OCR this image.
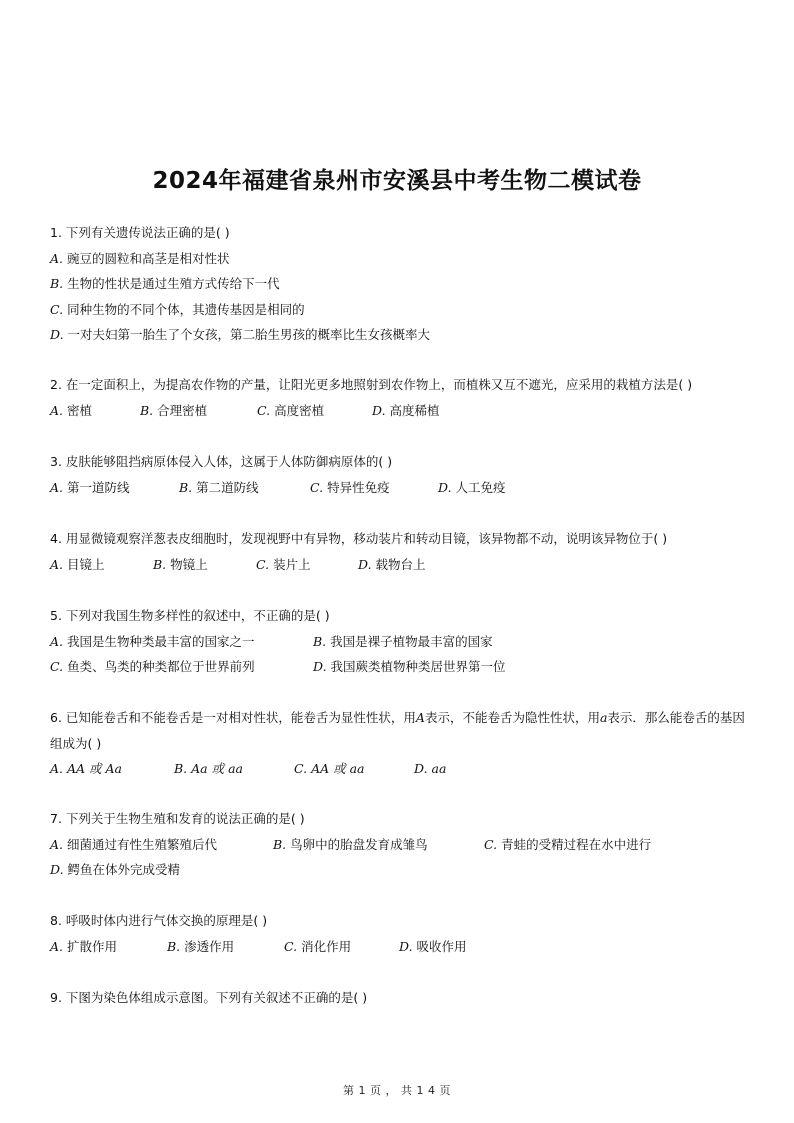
2024年福建省泉州市安溪县中考生物二模试卷
1. 下列有关遗传说法正确的是( )
A. 豌豆的圆粒和高茎是相对性状
B. 生物的性状是通过生殖方式传给下一代
C. 同种生物的不同个体，其遗传基因是相同的
D. 一对夫妇第一胎生了个女孩，第二胎生男孩的概率比生女孩概率大
2. 在一定面积上，为提高农作物的产量，让阳光更多地照射到农作物上，而植株又互不遮光，应采用的栽植方法是( )
A. 密植	B. 合理密植	C. 高度密植	D. 高度稀植
3. 皮肤能够阻挡病原体侵入人体，这属于人体防御病原体的( )
A. 第一道防线	B. 第二道防线	C. 特异性免疫	D. 人工免疫
4. 用显微镜观察洋葱表皮细胞时，发现视野中有异物，移动装片和转动目镜，该异物都不动，说明该异物位于( )
A. 目镜上	B. 物镜上	C. 装片上	D. 载物台上
5. 下列对我国生物多样性的叙述中，不正确的是( )
A. 我国是生物种类最丰富的国家之一	B. 我国是裸子植物最丰富的国家
C. 鱼类、鸟类的种类都位于世界前列	D. 我国蕨类植物种类居世界第一位
6. 已知能卷舌和不能卷舌是一对相对性状，能卷舌为显性性状，用A表示，不能卷舌为隐性性状，用a表示．那么能卷舌的基因组成为( )
A. AA 或 Aa	B. Aa 或 aa	C. AA 或 aa	D. aa
7. 下列关于生物生殖和发育的说法正确的是( )
A. 细菌通过有性生殖繁殖后代	B. 鸟卵中的胎盘发育成雏鸟	C. 青蛙的受精过程在水中进行
D. 鳄鱼在体外完成受精
8. 呼吸时体内进行气体交换的原理是( )
A. 扩散作用	B. 渗透作用	C. 消化作用	D. 吸收作用
9. 下图为染色体组成示意图。下列有关叙述不正确的是( )
第 1 页 ， 共 1 4 页
